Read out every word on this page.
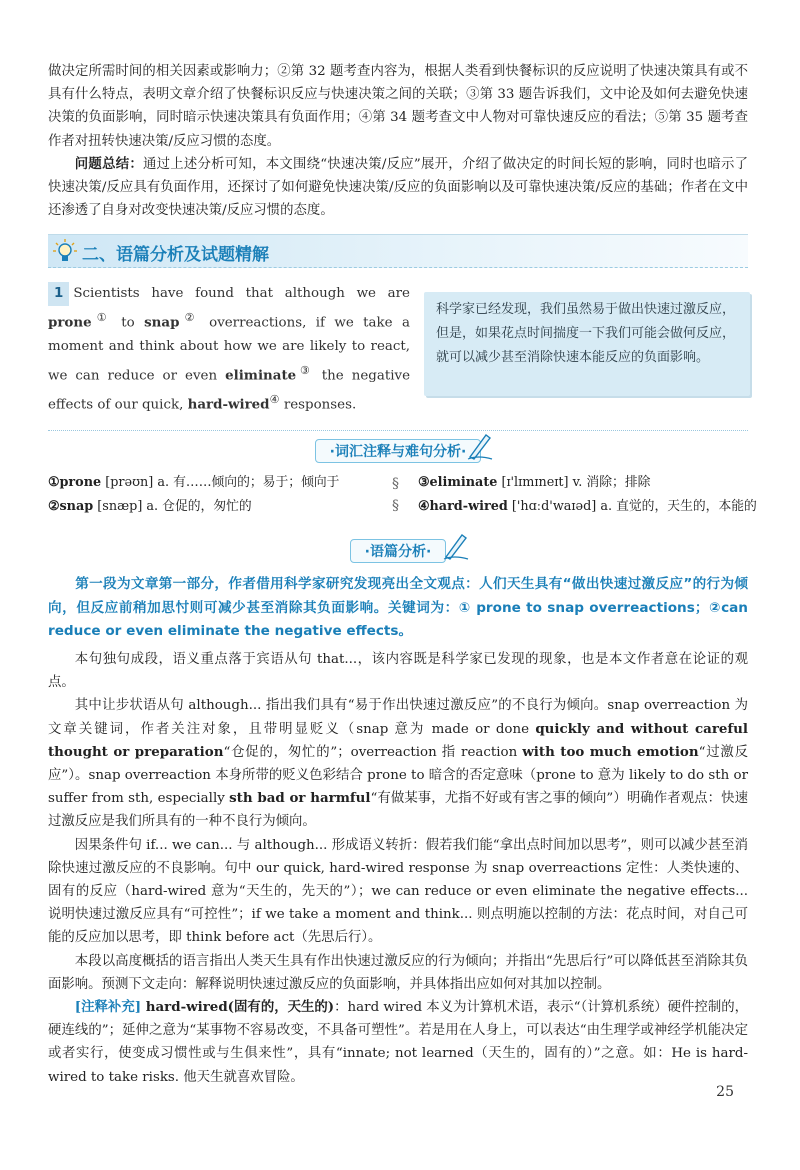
做决定所需时间的相关因素或影响力；②第 32 题考查内容为，根据人类看到快餐标识的反应说明了快速决策具有或不具有什么特点，表明文章介绍了快餐标识反应与快速决策之间的关联；③第 33 题告诉我们，文中论及如何去避免快速决策的负面影响，同时暗示快速决策具有负面作用；④第 34 题考查文中人物对可靠快速反应的看法；⑤第 35 题考查作者对扭转快速决策/反应习惯的态度。

问题总结：通过上述分析可知，本文围绕“快速决策/反应”展开，介绍了做决定的时间长短的影响，同时也暗示了快速决策/反应具有负面作用，还探讨了如何避免快速决策/反应的负面影响以及可靠快速决策/反应的基础；作者在文中还渗透了自身对改变快速决策/反应习惯的态度。

二、语篇分析及试题精解
1 Scientists have found that although we are prone① to snap② overreactions, if we take a moment and think about how we are likely to react, we can reduce or even eliminate③ the negative effects of our quick, hard-wired④ responses.
科学家已经发现，我们虽然易于做出快速过激反应，但是，如果花点时间揣度一下我们可能会做何反应，就可以减少甚至消除快速本能反应的负面影响。
·词汇注释与难句分析·
①prone [prəʊn] a. 有……倾向的；易于；倾向于
②snap [snæp] a. 仓促的，匆忙的
§
§
③eliminate [ɪ'lɪmɪneɪt] v. 消除；排除
④hard-wired ['hɑːd'waɪəd] a. 直觉的，天生的，本能的
·语篇分析·

第一段为文章第一部分，作者借用科学家研究发现亮出全文观点：人们天生具有“做出快速过激反应”的行为倾向，但反应前稍加思忖则可减少甚至消除其负面影响。关键词为：① prone to snap overreactions；②can reduce or even eliminate the negative effects。

本句独句成段，语义重点落于宾语从句 that...，该内容既是科学家已发现的现象，也是本文作者意在论证的观点。

其中让步状语从句 although... 指出我们具有“易于作出快速过激反应”的不良行为倾向。snap overreaction 为文章关键词，作者关注对象，且带明显贬义（snap 意为 made or done quickly and without careful thought or preparation“仓促的，匆忙的”；overreaction 指 reaction with too much emotion“过激反应”）。snap overreaction 本身所带的贬义色彩结合 prone to 暗含的否定意味（prone to 意为 likely to do sth or suffer from sth, especially sth bad or harmful“有做某事，尤指不好或有害之事的倾向”）明确作者观点：快速过激反应是我们所具有的一种不良行为倾向。

因果条件句 if... we can... 与 although... 形成语义转折：假若我们能“拿出点时间加以思考”，则可以减少甚至消除快速过激反应的不良影响。句中 our quick, hard-wired response 为 snap overreactions 定性：人类快速的、固有的反应（hard-wired 意为“天生的，先天的”）；we can reduce or even eliminate the negative effects... 说明快速过激反应具有“可控性”；if we take a moment and think... 则点明施以控制的方法：花点时间，对自己可能的反应加以思考，即 think before act（先思后行）。

本段以高度概括的语言指出人类天生具有作出快速过激反应的行为倾向；并指出“先思后行”可以降低甚至消除其负面影响。预测下文走向：解释说明快速过激反应的负面影响，并具体指出应如何对其加以控制。

[注释补充] hard-wired(固有的，天生的)：hard wired 本义为计算机术语，表示“（计算机系统）硬件控制的，硬连线的”；延伸之意为“某事物不容易改变，不具备可塑性”。若是用在人身上，可以表达“由生理学或神经学机能决定或者实行，使变成习惯性或与生俱来性”，具有“innate; not learned（天生的，固有的）”之意。如：He is hard-wired to take risks. 他天生就喜欢冒险。

25
